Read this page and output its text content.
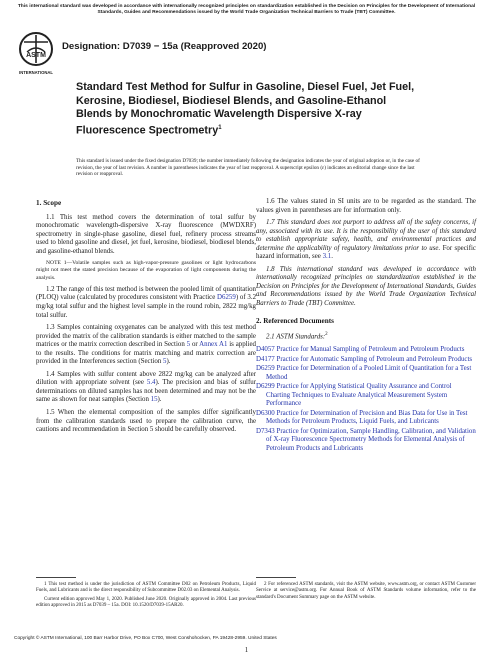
This international standard was developed in accordance with internationally recognized principles on standardization established in the Decision on Principles for the Development of International Standards, Guides and Recommendations issued by the World Trade Organization Technical Barriers to Trade (TBT) Committee.
ASTM
INTERNATIONAL
Designation: D7039 − 15a (Reapproved 2020)
Standard Test Method for Sulfur in Gasoline, Diesel Fuel, Jet Fuel, Kerosine, Biodiesel, Biodiesel Blends, and Gasoline-Ethanol Blends by Monochromatic Wavelength Dispersive X-ray Fluorescence Spectrometry$^1$
This standard is issued under the fixed designation D7039; the number immediately following the designation indicates the year of original adoption or, in the case of revision, the year of last revision. A number in parentheses indicates the year of last reapproval. A superscript epsilon (ε) indicates an editorial change since the last revision or reapproval.
1. Scope

1.1 This test method covers the determination of total sulfur by monochromatic wavelength-dispersive X-ray fluorescence (MWDXRF) spectrometry in single-phase gasoline, diesel fuel, refinery process streams used to blend gasoline and diesel, jet fuel, kerosine, biodiesel, biodiesel blends, and gasoline-ethanol blends.

NOTE 1—Volatile samples such as high-vapor-pressure gasolines or light hydrocarbons might not meet the stated precision because of the evaporation of light components during the analysis.

1.2 The range of this test method is between the pooled limit of quantitation (PLOQ) value (calculated by procedures consistent with Practice D6259) of 3.2 mg/kg total sulfur and the highest level sample in the round robin, 2822 mg/kg total sulfur.

1.3 Samples containing oxygenates can be analyzed with this test method provided the matrix of the calibration standards is either matched to the sample matrices or the matrix correction described in Section 5 or Annex A1 is applied to the results. The conditions for matrix matching and matrix correction are provided in the Interferences section (Section 5).

1.4 Samples with sulfur content above 2822 mg/kg can be analyzed after dilution with appropriate solvent (see 5.4). The precision and bias of sulfur determinations on diluted samples has not been determined and may not be the same as shown for neat samples (Section 15).

1.5 When the elemental composition of the samples differ significantly from the calibration standards used to prepare the calibration curve, the cautions and recommendation in Section 5 should be carefully observed.

1.6 The values stated in SI units are to be regarded as the standard. The values given in parentheses are for information only.

1.7 This standard does not purport to address all of the safety concerns, if any, associated with its use. It is the responsibility of the user of this standard to establish appropriate safety, health, and environmental practices and determine the applicability of regulatory limitations prior to use. For specific hazard information, see 3.1.

1.8 This international standard was developed in accordance with internationally recognized principles on standardization established in the Decision on Principles for the Development of International Standards, Guides and Recommendations issued by the World Trade Organization Technical Barriers to Trade (TBT) Committee.

2. Referenced Documents

2.1 ASTM Standards:$^2$

D4057 Practice for Manual Sampling of Petroleum and Petroleum Products
D4177 Practice for Automatic Sampling of Petroleum and Petroleum Products
D6259 Practice for Determination of a Pooled Limit of Quantitation for a Test Method
D6299 Practice for Applying Statistical Quality Assurance and Control Charting Techniques to Evaluate Analytical Measurement System Performance
D6300 Practice for Determination of Precision and Bias Data for Use in Test Methods for Petroleum Products, Liquid Fuels, and Lubricants
D7343 Practice for Optimization, Sample Handling, Calibration, and Validation of X-ray Fluorescence Spectrometry Methods for Elemental Analysis of Petroleum Products and Lubricants

1 This test method is under the jurisdiction of ASTM Committee D02 on Petroleum Products, Liquid Fuels, and Lubricants and is the direct responsibility of Subcommittee D02.03 on Elemental Analysis.

Current edition approved May 1, 2020. Published June 2020. Originally approved in 2004. Last previous edition approved in 2015 as D7039 – 15a. DOI: 10.1520/D7039-15AR20.

2 For referenced ASTM standards, visit the ASTM website, www.astm.org, or contact ASTM Customer Service at service@astm.org. For Annual Book of ASTM Standards volume information, refer to the standard's Document Summary page on the ASTM website.

Copyright © ASTM International, 100 Barr Harbor Drive, PO Box C700, West Conshohocken, PA 19428-2959. United States
1
